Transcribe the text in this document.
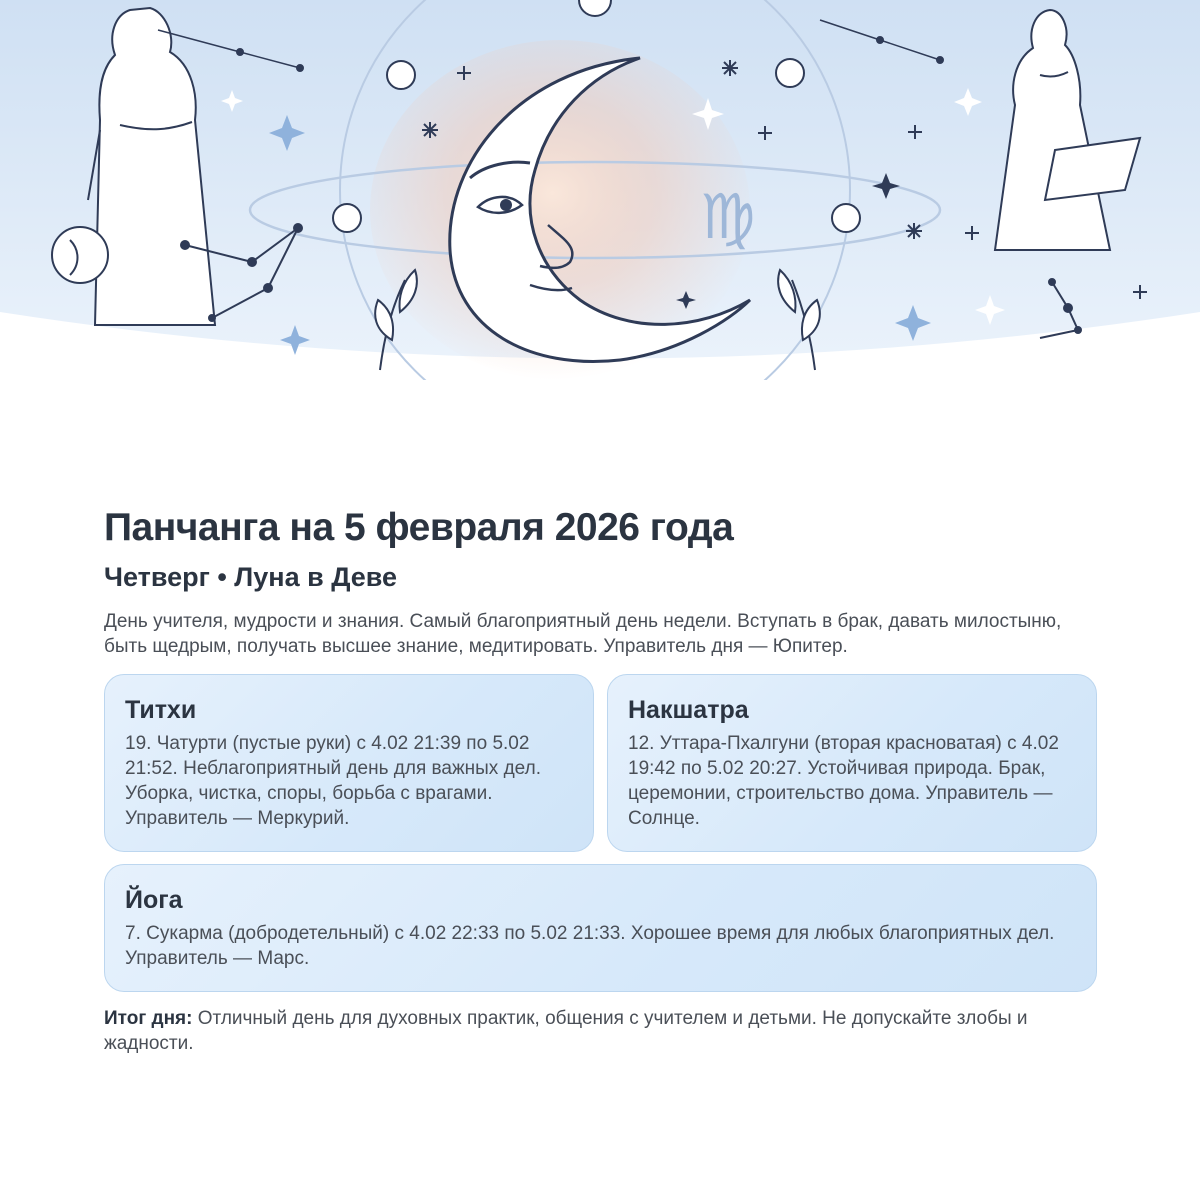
♍
Панчанга на 5 февраля 2026 года
Четверг • Луна в Деве
День учителя, мудрости и знания. Самый благоприятный день недели. Вступать в брак, давать милостыню, быть щедрым, получать высшее знание, медитировать. Управитель дня — Юпитер.
Титхи
19. Чатурти (пустые руки) с 4.02 21:39 по 5.02 21:52. Неблагоприятный день для важных дел. Уборка, чистка, споры, борьба с врагами. Управитель — Меркурий.
Накшатра
12. Уттара-Пхалгуни (вторая красноватая) с 4.02 19:42 по 5.02 20:27. Устойчивая природа. Брак, церемонии, строительство дома. Управитель — Солнце.
Йога
7. Сукарма (добродетельный) с 4.02 22:33 по 5.02 21:33. Хорошее время для любых благоприятных дел. Управитель — Марс.
Итог дня: Отличный день для духовных практик, общения с учителем и детьми. Не допускайте злобы и жадности.
